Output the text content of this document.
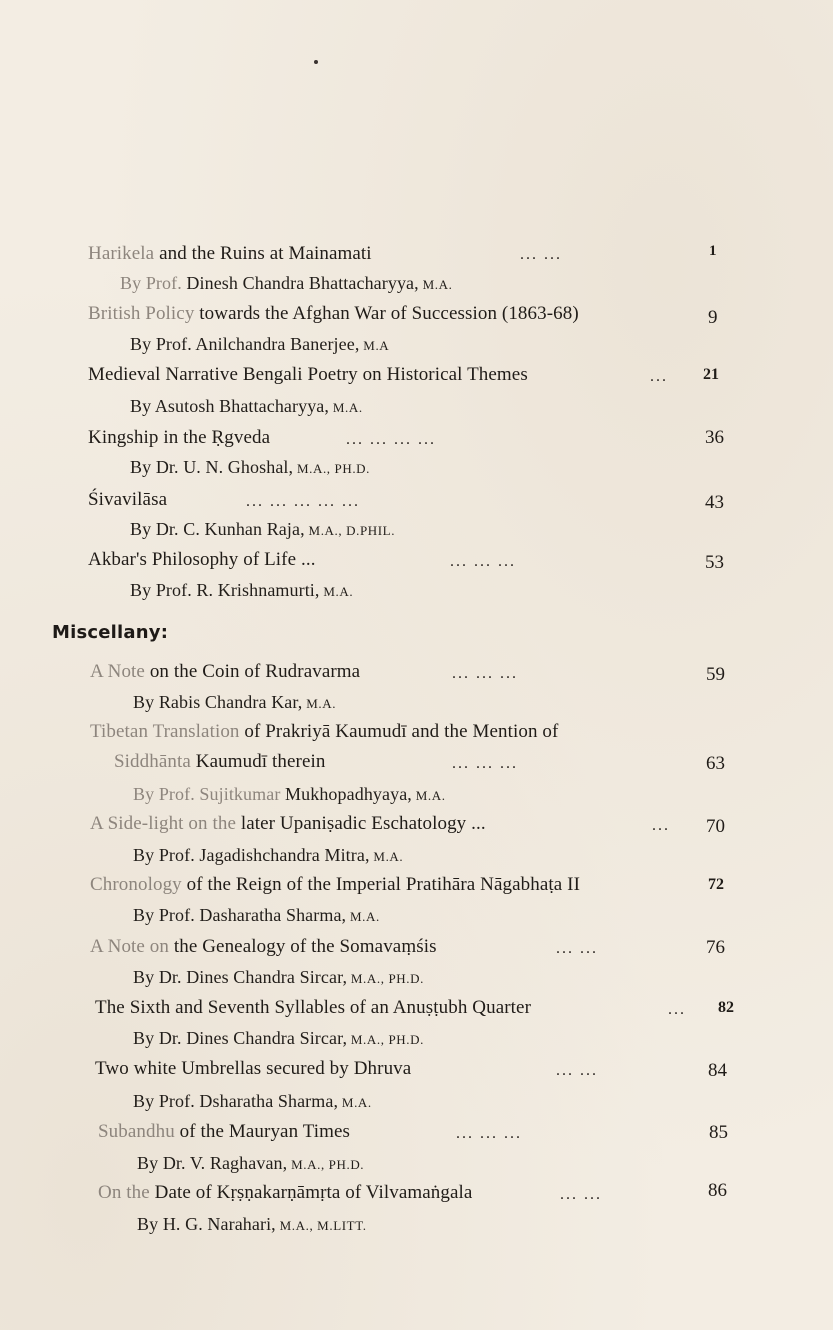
Harikela and the Ruins at Mainamati	... ...	1
By Prof. Dinesh Chandra Bhattacharyya, M.A.
British Policy towards the Afghan War of Succession (1863-68)	9
By Prof. Anilchandra Banerjee, M.A
Medieval Narrative Bengali Poetry on Historical Themes	... 21
By Asutosh Bhattacharyya, M.A.
Kingship in the Ṛgveda	... ... ... ...	36
By Dr. U. N. Ghoshal, M.A., PH.D.
Śivavilāsa	... ... ... ... ...	43
By Dr. C. Kunhan Raja, M.A., D.PHIL.
Akbar's Philosophy of Life ...	... ... ...	53
By Prof. R. Krishnamurti, M.A.
Miscellany:
A Note on the Coin of Rudravarma	... ... ...	59
By Rabis Chandra Kar, M.A.
Tibetan Translation of Prakriyā Kaumudī and the Mention of
Siddhānta Kaumudī therein	... ... ...	63
By Prof. Sujitkumar Mukhopadhyaya, M.A.
A Side-light on the later Upaniṣadic Eschatology ...	... 70
By Prof. Jagadishchandra Mitra, M.A.
Chronology of the Reign of the Imperial Pratihāra Nāgabhaṭa II	72
By Prof. Dasharatha Sharma, M.A.
A Note on the Genealogy of the Somavaṃśis	... ...	76
By Dr. Dines Chandra Sircar, M.A., PH.D.
The Sixth and Seventh Syllables of an Anuṣṭubh Quarter	... 82
By Dr. Dines Chandra Sircar, M.A., PH.D.
Two white Umbrellas secured by Dhruva	... ...	84
By Prof. Dsharatha Sharma, M.A.
Subandhu of the Mauryan Times	... ... ...	85
By Dr. V. Raghavan, M.A., PH.D.
On the Date of Kṛṣṇakarṇāmṛta of Vilvamaṅgala	... ...	86
By H. G. Narahari, M.A., M.LITT.
